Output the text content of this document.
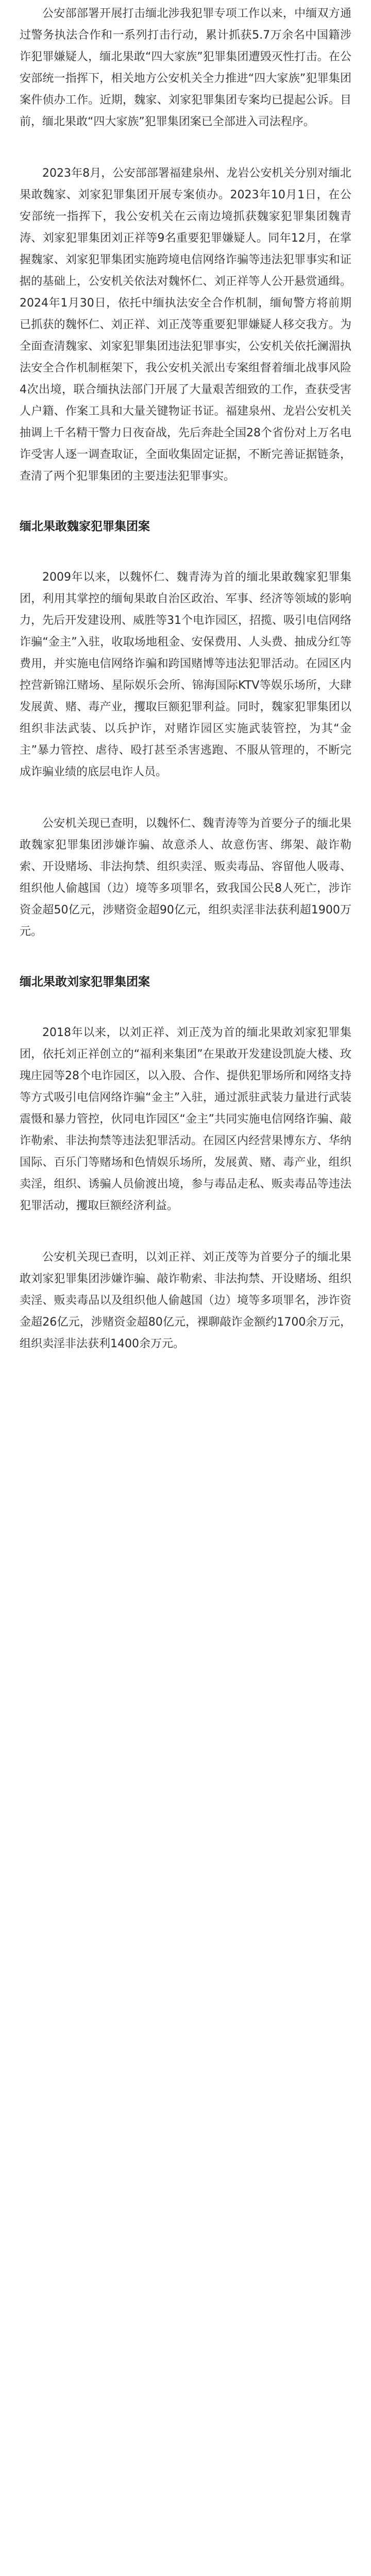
公安部部署开展打击缅北涉我犯罪专项工作以来，中缅双方通过警务执法合作和一系列打击行动，累计抓获5.7万余名中国籍涉诈犯罪嫌疑人，缅北果敢“四大家族”犯罪集团遭毁灭性打击。在公安部统一指挥下，相关地方公安机关全力推进“四大家族”犯罪集团案件侦办工作。近期，魏家、刘家犯罪集团专案均已提起公诉。目前，缅北果敢“四大家族”犯罪集团案已全部进入司法程序。

2023年8月，公安部部署福建泉州、龙岩公安机关分别对缅北果敢魏家、刘家犯罪集团开展专案侦办。2023年10月1日，在公安部统一指挥下，我公安机关在云南边境抓获魏家犯罪集团魏青涛、刘家犯罪集团刘正祥等9名重要犯罪嫌疑人。同年12月，在掌握魏家、刘家犯罪集团实施跨境电信网络诈骗等违法犯罪事实和证据的基础上，公安机关依法对魏怀仁、刘正祥等人公开悬赏通缉。2024年1月30日，依托中缅执法安全合作机制，缅甸警方将前期已抓获的魏怀仁、刘正祥、刘正茂等重要犯罪嫌疑人移交我方。为全面查清魏家、刘家犯罪集团违法犯罪事实，公安机关依托澜湄执法安全合作机制框架下，我公安机关派出专案组督着缅北战事风险4次出境，联合缅执法部门开展了大量艰苦细致的工作，查获受害人户籍、作案工具和大量关键物证书证。福建泉州、龙岩公安机关抽调上千名精干警力日夜奋战，先后奔赴全国28个省份对上万名电诈受害人逐一调查取证，全面收集固定证据，不断完善证据链条，查清了两个犯罪集团的主要违法犯罪事实。

缅北果敢魏家犯罪集团案

2009年以来，以魏怀仁、魏青涛为首的缅北果敢魏家犯罪集团，利用其掌控的缅甸果敢自治区政治、军事、经济等领域的影响力，先后开发建设刑、威胜等31个电诈园区，招揽、吸引电信网络诈骗“金主”入驻，收取场地租金、安保费用、人头费、抽成分红等费用，并实施电信网络诈骗和跨国赌博等违法犯罪活动。在园区内控营新锦江赌场、星际娱乐会所、锦海国际KTV等娱乐场所，大肆发展黄、赌、毒产业，攫取巨额犯罪利益。同时，魏家犯罪集团以组织非法武装、以兵护诈，对赌诈园区实施武装管控，为其“金主”暴力管控、虐待、殴打甚至杀害逃跑、不服从管理的，不断完成诈骗业绩的底层电诈人员。

公安机关现已查明，以魏怀仁、魏青涛等为首要分子的缅北果敢魏家犯罪集团涉嫌诈骗、故意杀人、故意伤害、绑架、敲诈勒索、开设赌场、非法拘禁、组织卖淫、贩卖毒品、容留他人吸毒、组织他人偷越国（边）境等多项罪名，致我国公民8人死亡，涉诈资金超50亿元，涉赌资金超90亿元，组织卖淫非法获利超1900万元。

缅北果敢刘家犯罪集团案

2018年以来，以刘正祥、刘正茂为首的缅北果敢刘家犯罪集团，依托刘正祥创立的“福利来集团”在果敢开发建设凯旋大楼、玫瑰庄园等28个电诈园区，以入股、合作、提供犯罪场所和网络支持等方式吸引电信网络诈骗“金主”入驻，通过派驻武装力量进行武装震慑和暴力管控，伙同电诈园区“金主”共同实施电信网络诈骗、敲诈勒索、非法拘禁等违法犯罪活动。在园区内经营果博东方、华纳国际、百乐门等赌场和色情娱乐场所，发展黄、赌、毒产业，组织卖淫，组织、诱骗人员偷渡出境，参与毒品走私、贩卖毒品等违法犯罪活动，攫取巨额经济利益。

公安机关现已查明，以刘正祥、刘正茂等为首要分子的缅北果敢刘家犯罪集团涉嫌诈骗、敲诈勒索、非法拘禁、开设赌场、组织卖淫、贩卖毒品以及组织他人偷越国（边）境等多项罪名，涉诈资金超26亿元，涉赌资金超80亿元，裸聊敲诈金额约1700余万元，组织卖淫非法获利1400余万元。
